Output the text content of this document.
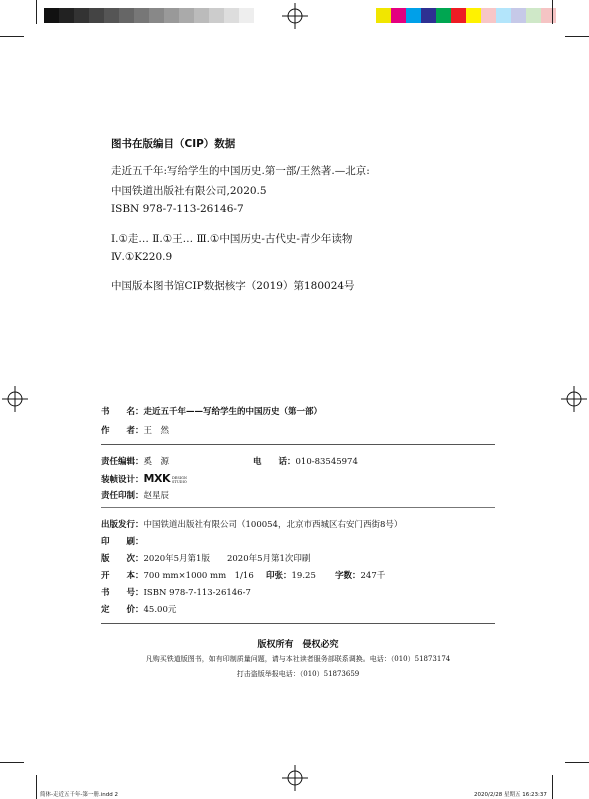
图书在版编目（CIP）数据
走近五千年:写给学生的中国历史.第一部/王然著.—北京:
中国铁道出版社有限公司,2020.5
ISBN 978-7-113-26146-7
Ⅰ.①走… Ⅱ.①王… Ⅲ.①中国历史-古代史-青少年读物
Ⅳ.①K220.9
中国版本图书馆CIP数据核字（2019）第180024号
书　　名：走近五千年——写给学生的中国历史（第一部）
作　　者：王　然
责任编辑：奚　源	电　　话：010-83545974
装帧设计：MXK DESIGN
STUDIO
责任印制：赵星辰
出版发行：中国铁道出版社有限公司（100054，北京市西城区右安门西街8号）
印　　刷：
版　　次：2020年5月第1版　　2020年5月第1次印刷
开　　本：700 mm×1000 mm　1/16 印张：19.25 字数：247千
书　　号：ISBN 978-7-113-26146-7
定　　价：45.00元
版权所有　侵权必究
凡购买铁道版图书，如有印制质量问题，请与本社读者服务部联系调换。电话：（010）51873174
打击盗版举报电话：（010）51873659
简体-走近五千年-第一册.indd 2	2020/2/28 星期五 16:23:37
